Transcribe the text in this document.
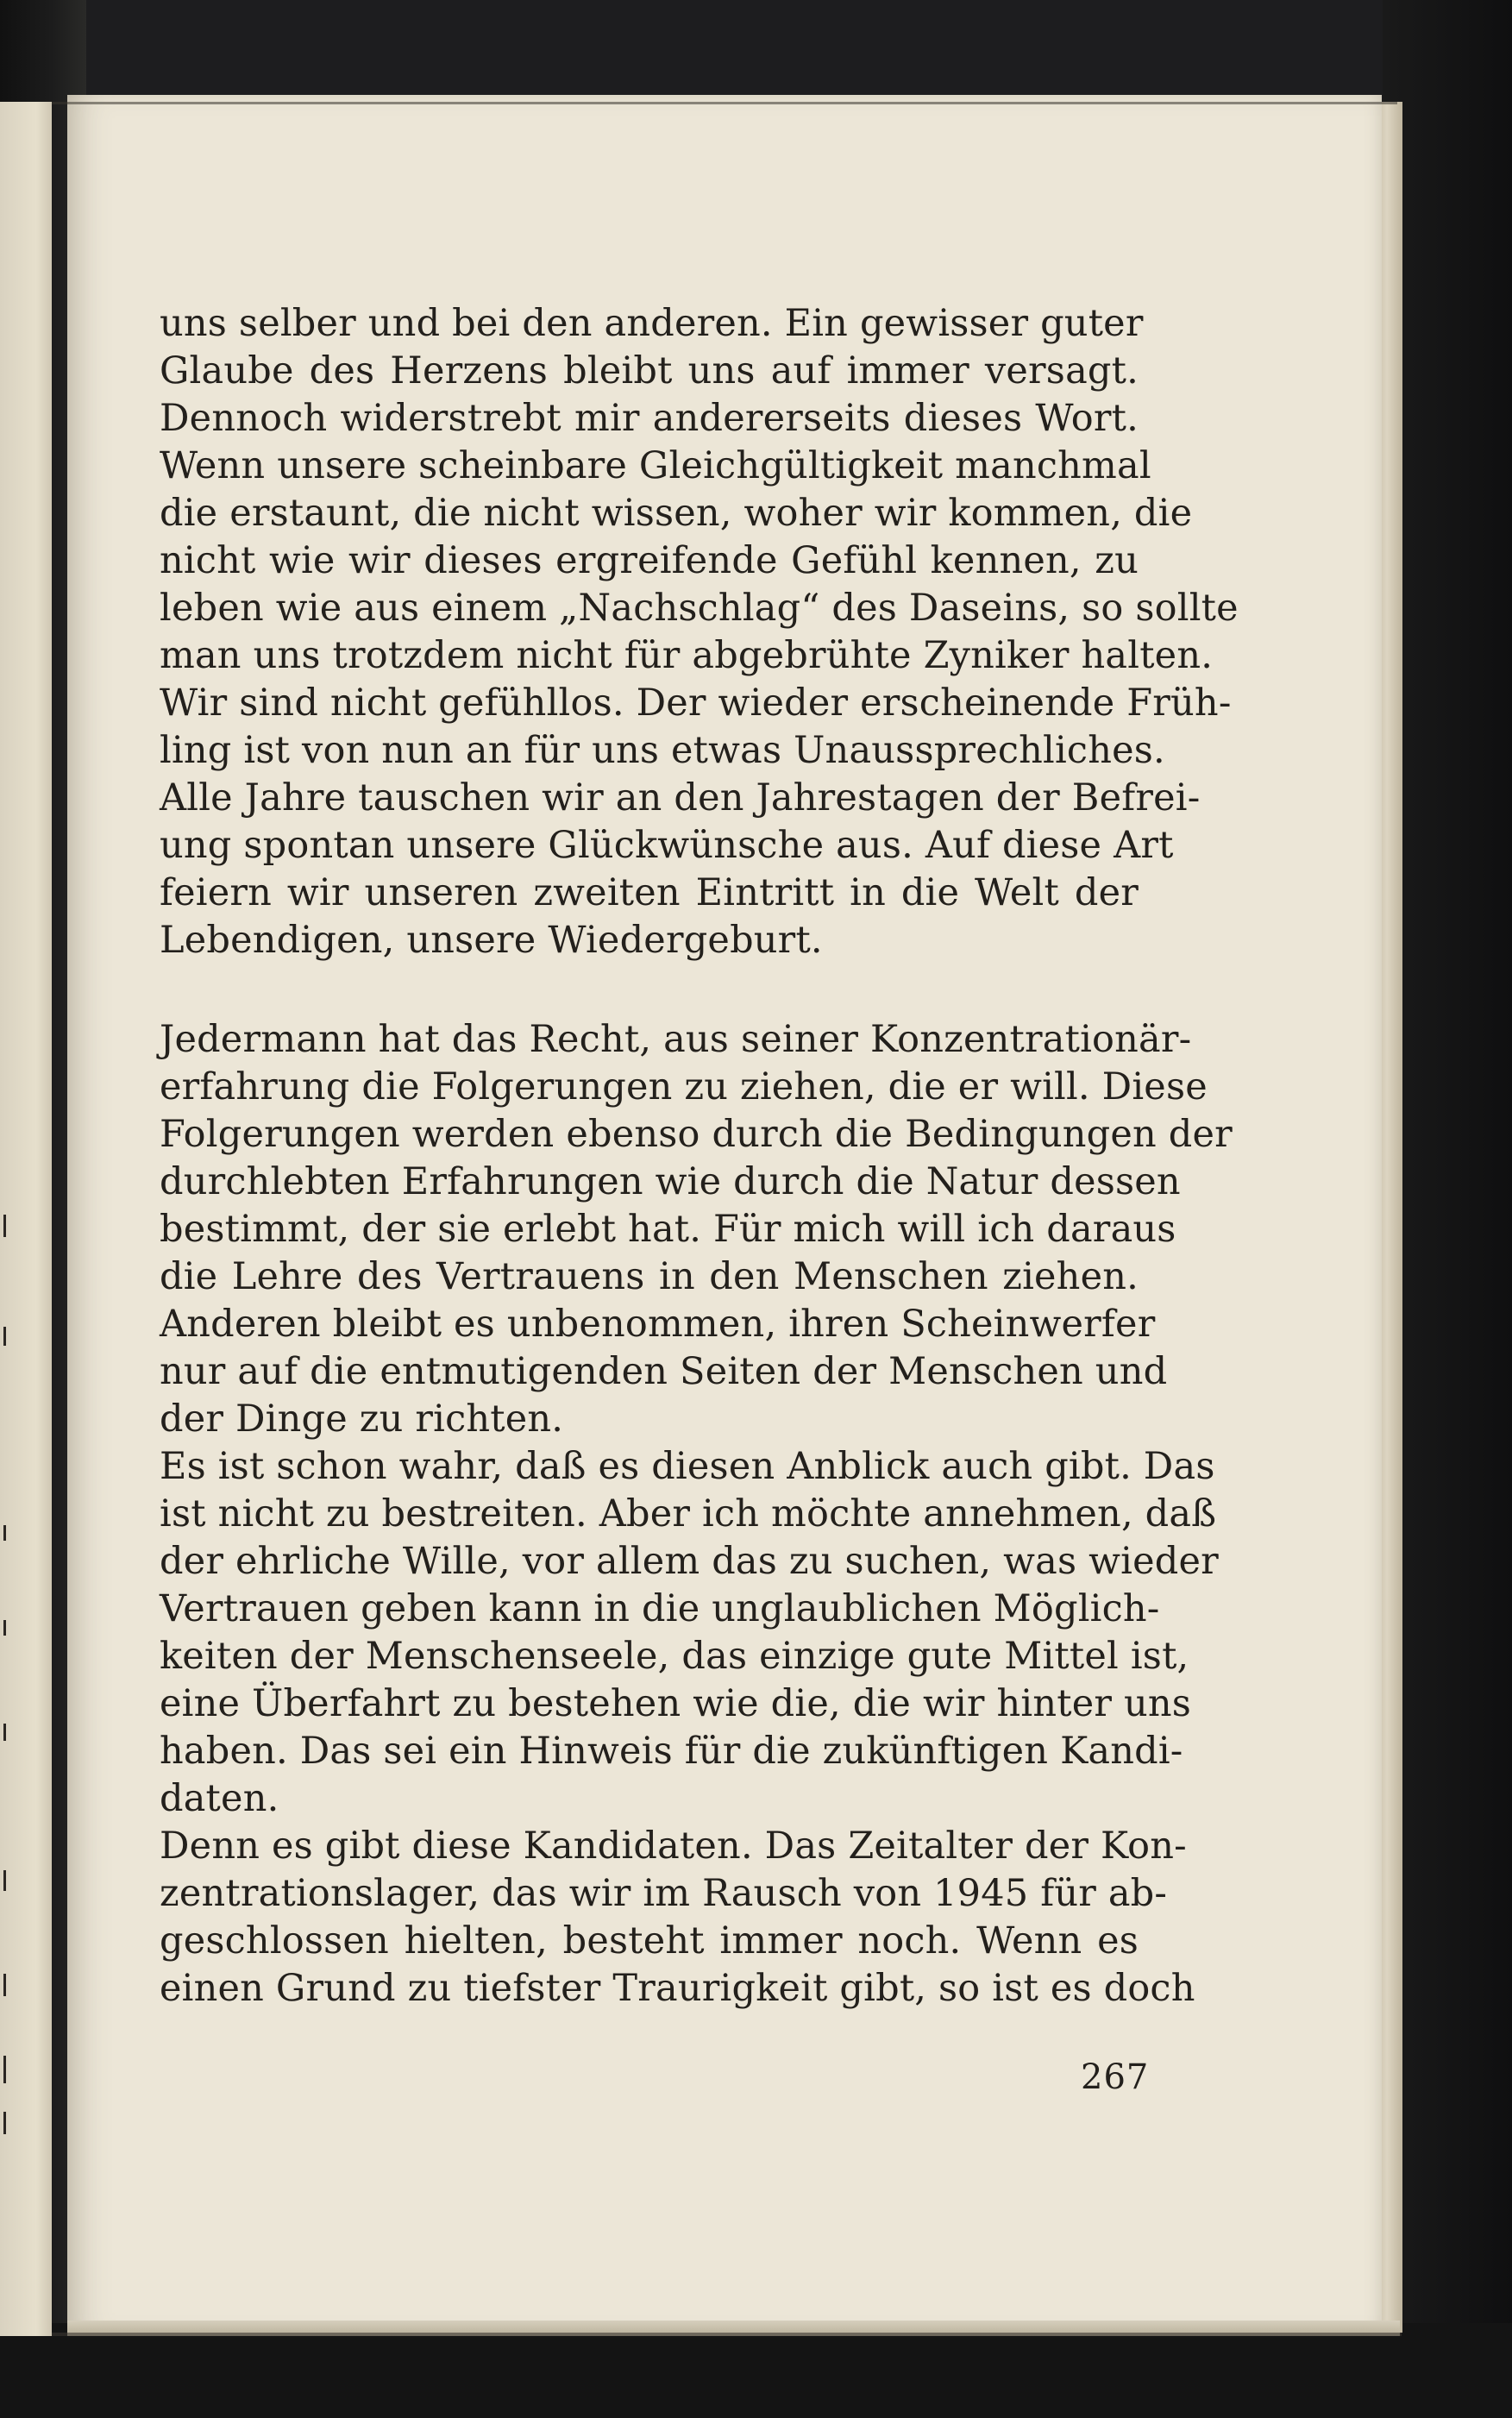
uns selber und bei den anderen. Ein gewisser guter
Glaube des Herzens bleibt uns auf immer versagt.
Dennoch widerstrebt mir andererseits dieses Wort.
Wenn unsere scheinbare Gleichgültigkeit manchmal
die erstaunt, die nicht wissen, woher wir kommen, die
nicht wie wir dieses ergreifende Gefühl kennen, zu
leben wie aus einem „Nachschlag“ des Daseins, so sollte
man uns trotzdem nicht für abgebrühte Zyniker halten.
Wir sind nicht gefühllos. Der wieder erscheinende Früh-
ling ist von nun an für uns etwas Unaussprechliches.
Alle Jahre tauschen wir an den Jahrestagen der Befrei-
ung spontan unsere Glückwünsche aus. Auf diese Art
feiern wir unseren zweiten Eintritt in die Welt der
Lebendigen, unsere Wiedergeburt.
Jedermann hat das Recht, aus seiner Konzentrationär-
erfahrung die Folgerungen zu ziehen, die er will. Diese
Folgerungen werden ebenso durch die Bedingungen der
durchlebten Erfahrungen wie durch die Natur dessen
bestimmt, der sie erlebt hat. Für mich will ich daraus
die Lehre des Vertrauens in den Menschen ziehen.
Anderen bleibt es unbenommen, ihren Scheinwerfer
nur auf die entmutigenden Seiten der Menschen und
der Dinge zu richten.
Es ist schon wahr, daß es diesen Anblick auch gibt. Das
ist nicht zu bestreiten. Aber ich möchte annehmen, daß
der ehrliche Wille, vor allem das zu suchen, was wieder
Vertrauen geben kann in die unglaublichen Möglich-
keiten der Menschenseele, das einzige gute Mittel ist,
eine Überfahrt zu bestehen wie die, die wir hinter uns
haben. Das sei ein Hinweis für die zukünftigen Kandi-
daten.
Denn es gibt diese Kandidaten. Das Zeitalter der Kon-
zentrationslager, das wir im Rausch von 1945 für ab-
geschlossen hielten, besteht immer noch. Wenn es
einen Grund zu tiefster Traurigkeit gibt, so ist es doch
267
